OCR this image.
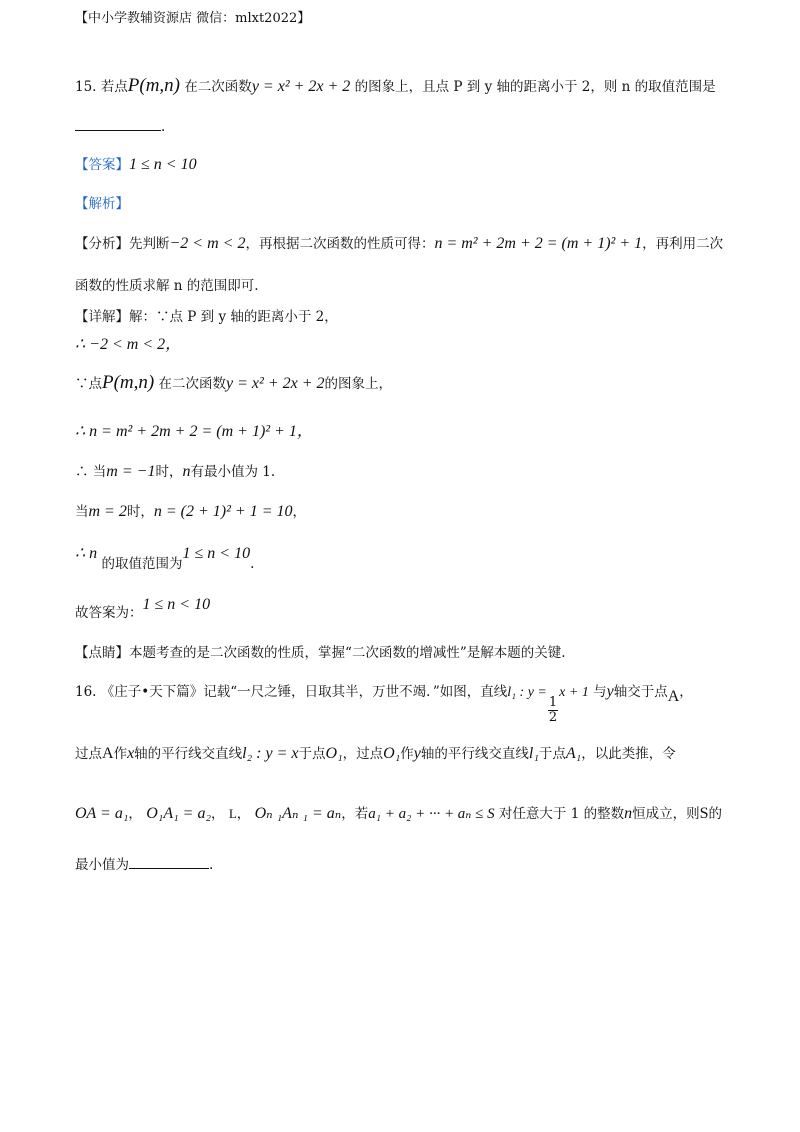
【中小学教辅资源店 微信：mlxt2022】
15. 若点P(m,n) 在二次函数y = x² + 2x + 2 的图象上，且点 P 到 y 轴的距离小于 2，则 n 的取值范围是
.
【答案】1 ≤ n < 10
【解析】
【分析】先判断−2 < m < 2，再根据二次函数的性质可得：n = m² + 2m + 2 = (m + 1)² + 1，再利用二次
函数的性质求解 n 的范围即可.
【详解】解：∵点 P 到 y 轴的距离小于 2，
∴ −2 < m < 2，
∵点P(m,n) 在二次函数y = x² + 2x + 2的图象上，
∴ n = m² + 2m + 2 = (m + 1)² + 1，
∴ 当m = −1时，n有最小值为 1.
当m = 2时，n = (2 + 1)² + 1 = 10，
∴ n 的取值范围为1 ≤ n < 10.
故答案为：1 ≤ n < 10
【点睛】本题考查的是二次函数的性质，掌握“二次函数的增减性”是解本题的关键.
16. 《庄子•天下篇》记载“一尺之锤，日取其半，万世不竭．”如图，直线l₁ : y =
$\frac{1}{2}$
x + 1 与y轴交于点A，
过点A作x轴的平行线交直线l₂ : y = x于点O₁，过点O₁作y轴的平行线交直线l₁于点A₁，以此类推，令
OA = a₁， O₁A₁ = a₂， L， Oₙ ₁Aₙ ₁ = aₙ，若a₁ + a₂ + ··· + aₙ ≤ S 对任意大于 1 的整数n恒成立，则S的
最小值为	.
